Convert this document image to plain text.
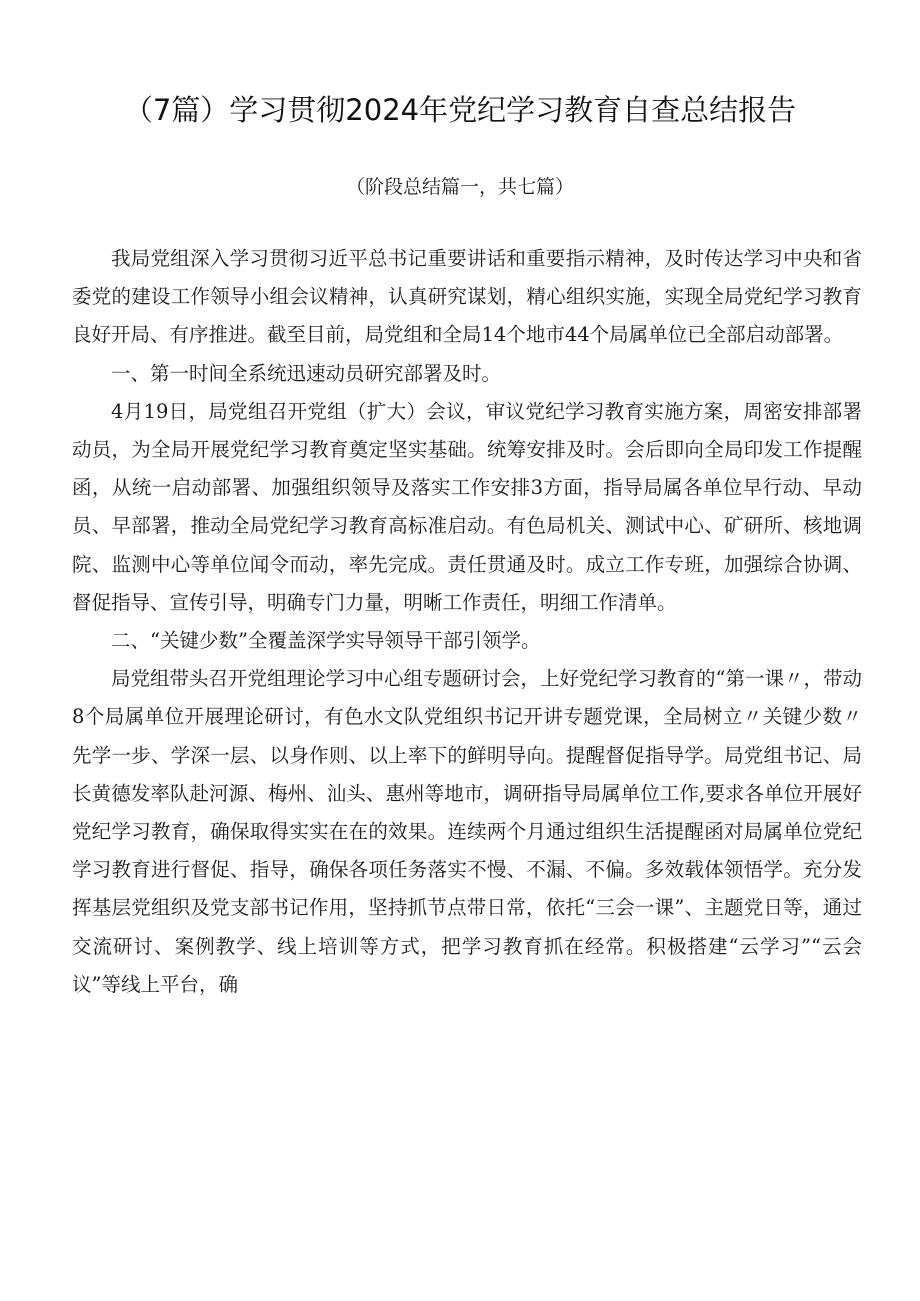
（7篇）学习贯彻2024年党纪学习教育自查总结报告

（阶段总结篇一，共七篇）

我局党组深入学习贯彻习近平总书记重要讲话和重要指示精神，及时传达学习中央和省委党的建设工作领导小组会议精神，认真研究谋划，精心组织实施，实现全局党纪学习教育良好开局、有序推进。截至目前，局党组和全局14个地市44个局属单位已全部启动部署。

一、第一时间全系统迅速动员研究部署及时。

4月19日，局党组召开党组（扩大）会议，审议党纪学习教育实施方案，周密安排部署动员，为全局开展党纪学习教育奠定坚实基础。统筹安排及时。会后即向全局印发工作提醒函，从统一启动部署、加强组织领导及落实工作安排3方面，指导局属各单位早行动、早动员、早部署，推动全局党纪学习教育高标准启动。有色局机关、测试中心、矿研所、核地调院、监测中心等单位闻令而动，率先完成。责任贯通及时。成立工作专班，加强综合协调、督促指导、宣传引导，明确专门力量，明晰工作责任，明细工作清单。

二、“关键少数”全覆盖深学实导领导干部引领学。

局党组带头召开党组理论学习中心组专题研讨会，上好党纪学习教育的“第一课〃，带动8个局属单位开展理论研讨，有色水文队党组织书记开讲专题党课，全局树立〃关键少数〃先学一步、学深一层、以身作则、以上率下的鲜明导向。提醒督促指导学。局党组书记、局长黄德发率队赴河源、梅州、汕头、惠州等地市，调研指导局属单位工作,要求各单位开展好党纪学习教育，确保取得实实在在的效果。连续两个月通过组织生活提醒函对局属单位党纪学习教育进行督促、指导，确保各项任务落实不慢、不漏、不偏。多效载体领悟学。充分发挥基层党组织及党支部书记作用，坚持抓节点带日常，依托“三会一课”、主题党日等，通过交流研讨、案例教学、线上培训等方式，把学习教育抓在经常。积极搭建“云学习”“云会议”等线上平台，确
